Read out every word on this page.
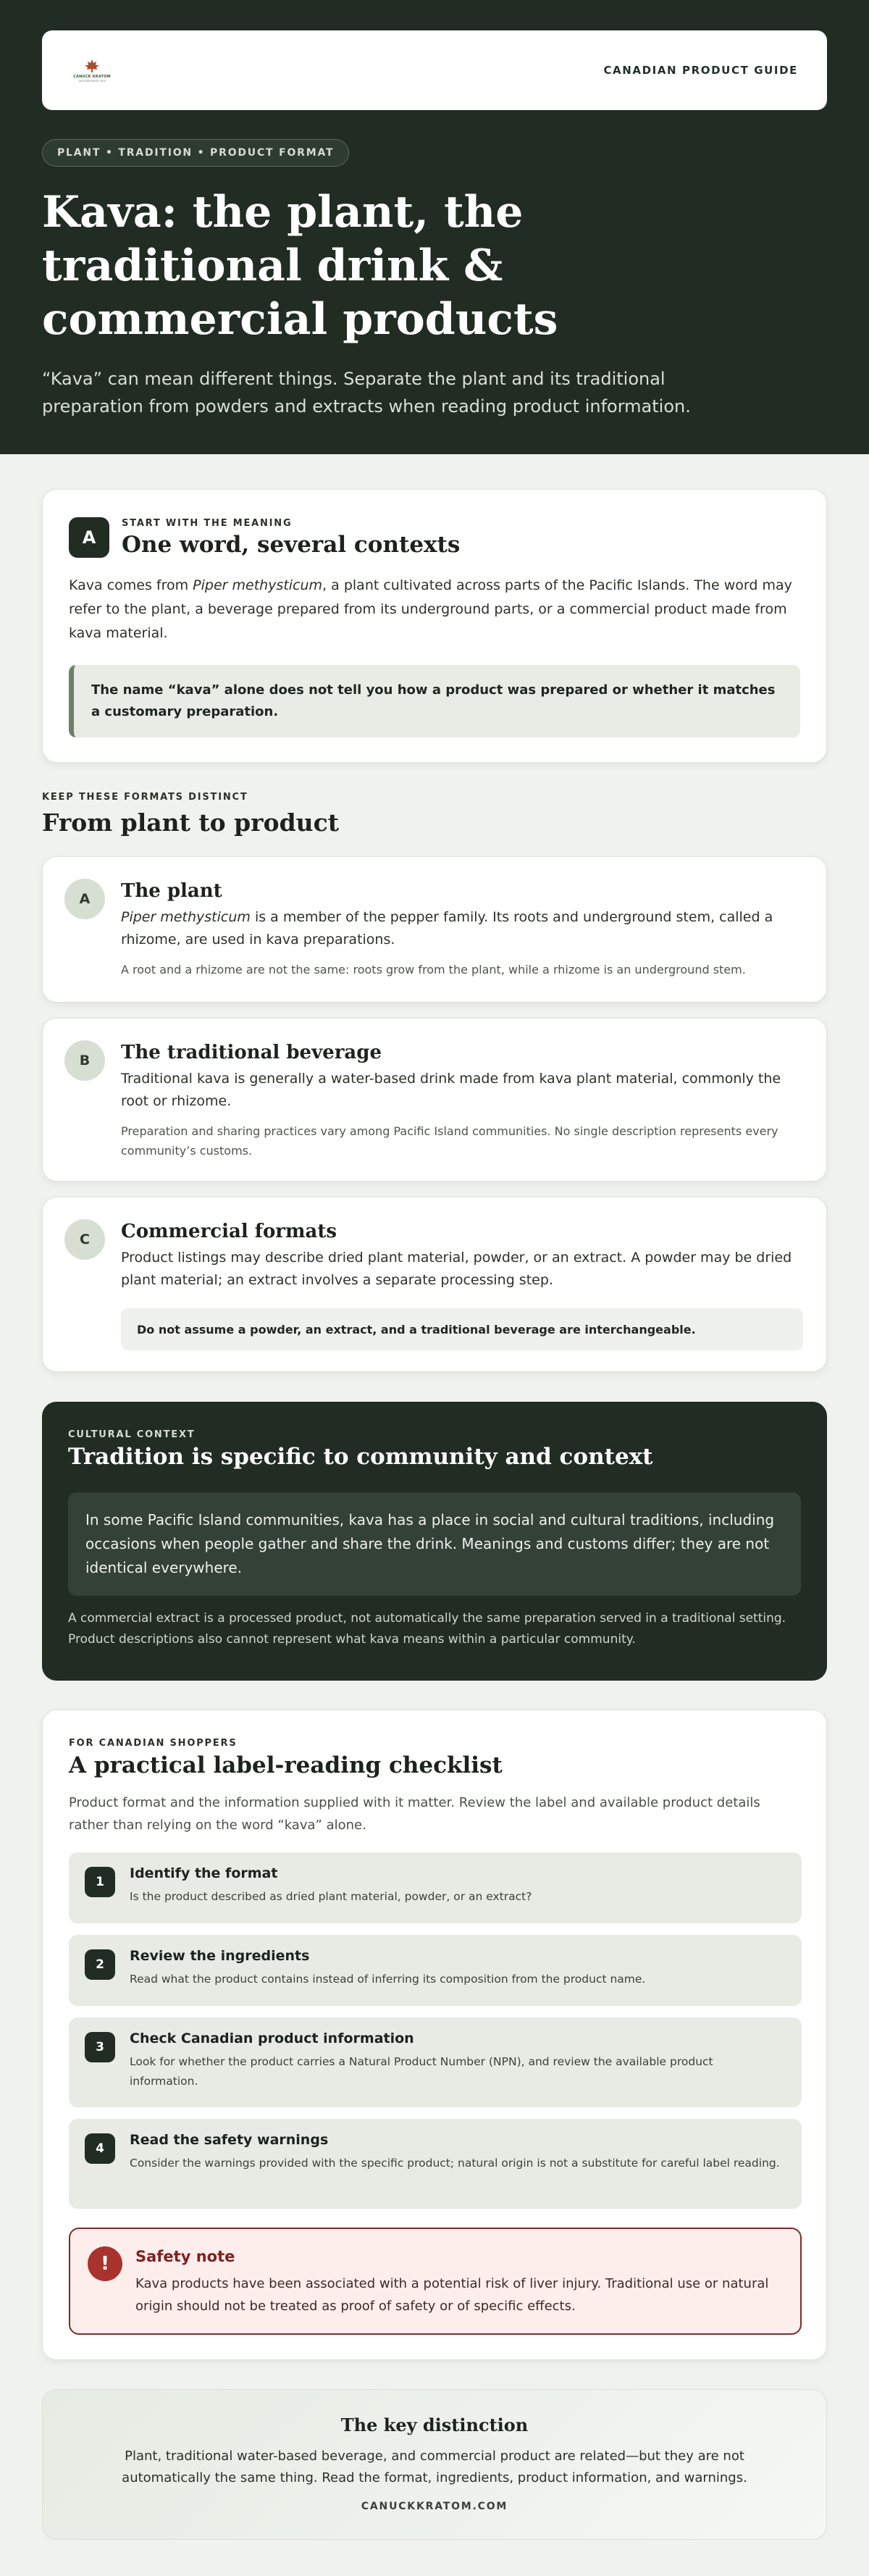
CANUCK KRATOM
canuckkratom.com
CANADIAN PRODUCT GUIDE
PLANT • TRADITION • PRODUCT FORMAT
Kava: the plant, the traditional drink & commercial products

“Kava” can mean different things. Separate the plant and its traditional preparation from powders and extracts when reading product information.

A
START WITH THE MEANING
One word, several contexts

Kava comes from Piper methysticum, a plant cultivated across parts of the Pacific Islands. The word may refer to the plant, a beverage prepared from its underground parts, or a commercial product made from kava material.

The name “kava” alone does not tell you how a product was prepared or whether it matches a customary preparation.
KEEP THESE FORMATS DISTINCT
From plant to product
A	The plant

Piper methysticum is a member of the pepper family. Its roots and underground stem, called a rhizome, are used in kava preparations.

A root and a rhizome are not the same: roots grow from the plant, while a rhizome is an underground stem.

B	The traditional beverage

Traditional kava is generally a water-based drink made from kava plant material, commonly the root or rhizome.

Preparation and sharing practices vary among Pacific Island communities. No single description represents every community’s customs.

C	Commercial formats

Product listings may describe dried plant material, powder, or an extract. A powder may be dried plant material; an extract involves a separate processing step.

Do not assume a powder, an extract, and a traditional beverage are interchangeable.
CULTURAL CONTEXT
Tradition is specific to community and context
In some Pacific Island communities, kava has a place in social and cultural traditions, including occasions when people gather and share the drink. Meanings and customs differ; they are not identical everywhere.

A commercial extract is a processed product, not automatically the same preparation served in a traditional setting. Product descriptions also cannot represent what kava means within a particular community.

FOR CANADIAN SHOPPERS
A practical label-reading checklist

Product format and the information supplied with it matter. Review the label and available product details rather than relying on the word “kava” alone.

1
Identify the format

Is the product described as dried plant material, powder, or an extract?

2
Review the ingredients

Read what the product contains instead of inferring its composition from the product name.

3
Check Canadian product information

Look for whether the product carries a Natural Product Number (NPN), and review the available product information.

4
Read the safety warnings

Consider the warnings provided with the specific product; natural origin is not a substitute for careful label reading.

!	Safety note

Kava products have been associated with a potential risk of liver injury. Traditional use or natural origin should not be treated as proof of safety or of specific effects.

The key distinction

Plant, traditional water-based beverage, and commercial product are related—but they are not automatically the same thing. Read the format, ingredients, product information, and warnings.

CANUCKKRATOM.COM
